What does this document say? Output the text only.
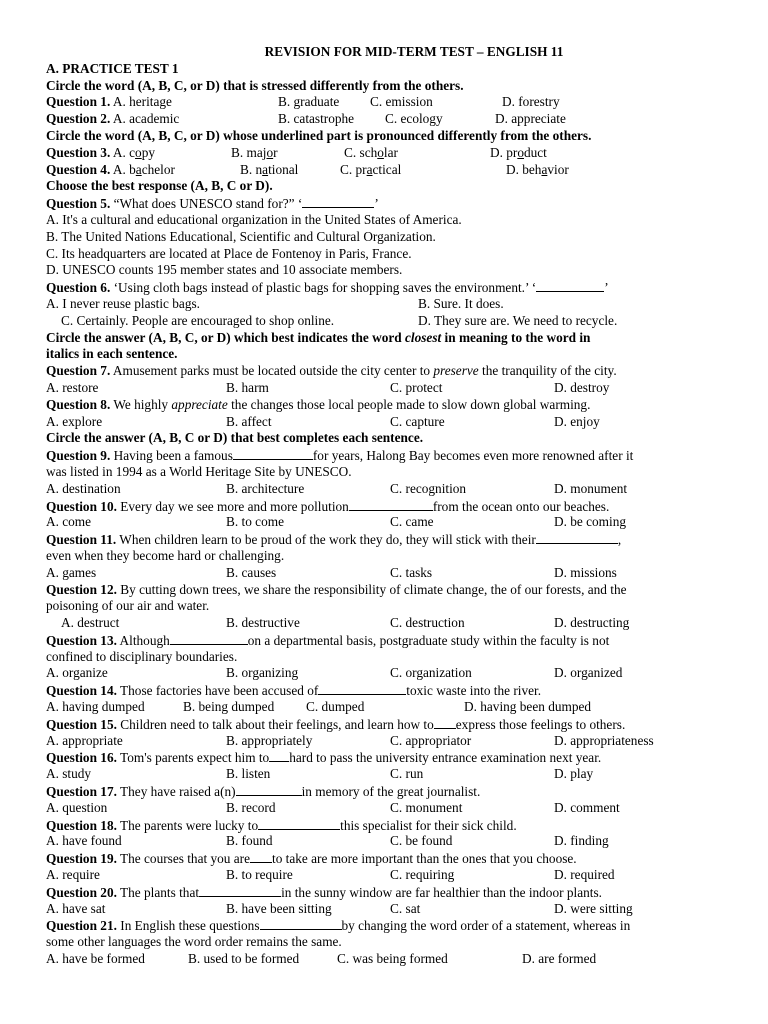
REVISION FOR MID-TERM TEST – ENGLISH 11
A. PRACTICE TEST 1
Circle the word (A, B, C, or D) that is stressed differently from the others.
Question 1. A. heritage	B. graduate C. emission	D. forestry
Question 2. A. academic	B. catastrophe C. ecology	D. appreciate
Circle the word (A, B, C, or D) whose underlined part is pronounced differently from the others.
Question 3. A. copy	B. major	C. scholar	D. product
Question 4. A. bachelor	B. national	C. practical	D. behavior
Choose the best response (A, B, C or D).
Question 5. “What does UNESCO stand for?” ‘	’
A. It's a cultural and educational organization in the United States of America.
B. The United Nations Educational, Scientific and Cultural Organization.
C. Its headquarters are located at Place de Fontenoy in Paris, France.
D. UNESCO counts 195 member states and 10 associate members.
Question 6. ‘Using cloth bags instead of plastic bags for shopping saves the environment.’ ‘	’
A. I never reuse plastic bags.	B. Sure. It does.
C. Certainly. People are encouraged to shop online.	D. They sure are. We need to recycle.
Circle the answer (A, B, C, or D) which best indicates the word closest in meaning to the word in
italics in each sentence.
Question 7. Amusement parks must be located outside the city center to preserve the tranquility of the city.
A. restore	B. harm	C. protect	D. destroy
Question 8. We highly appreciate the changes those local people made to slow down global warming.
A. explore	B. affect	C. capture	D. enjoy
Circle the answer (A, B, C or D) that best completes each sentence.
Question 9. Having been a famous	for years, Halong Bay becomes even more renowned after it
was listed in 1994 as a World Heritage Site by UNESCO.
A. destination	B. architecture	C. recognition	D. monument
Question 10. Every day we see more and more pollution	from the ocean onto our beaches.
A. come	B. to come	C. came	D. be coming
Question 11. When children learn to be proud of the work they do, they will stick with their	,
even when they become hard or challenging.
A. games	B. causes	C. tasks	D. missions
Question 12. By cutting down trees, we share the responsibility of climate change, the of our forests, and the
poisoning of our air and water.
A. destruct	B. destructive	C. destruction	D. destructing
Question 13. Although	on a departmental basis, postgraduate study within the faculty is not
confined to disciplinary boundaries.
A. organize	B. organizing	C. organization	D. organized
Question 14. Those factories have been accused of	toxic waste into the river.
A. having dumped	B. being dumped C. dumped	D. having been dumped
Question 15. Children need to talk about their feelings, and learn how to express those feelings to others.
A. appropriate	B. appropriately	C. appropriator	D. appropriateness
Question 16. Tom's parents expect him to hard to pass the university entrance examination next year.
A. study	B. listen	C. run	D. play
Question 17. They have raised a(n)	in memory of the great journalist.
A. question	B. record	C. monument	D. comment
Question 18. The parents were lucky to	this specialist for their sick child.
A. have found	B. found	C. be found	D. finding
Question 19. The courses that you are to take are more important than the ones that you choose.
A. require	B. to require	C. requiring	D. required
Question 20. The plants that	in the sunny window are far healthier than the indoor plants.
A. have sat	B. have been sitting	C. sat	D. were sitting
Question 21. In English these questions	by changing the word order of a statement, whereas in
some other languages the word order remains the same.
A. have be formed	B. used to be formed	C. was being formed	D. are formed
